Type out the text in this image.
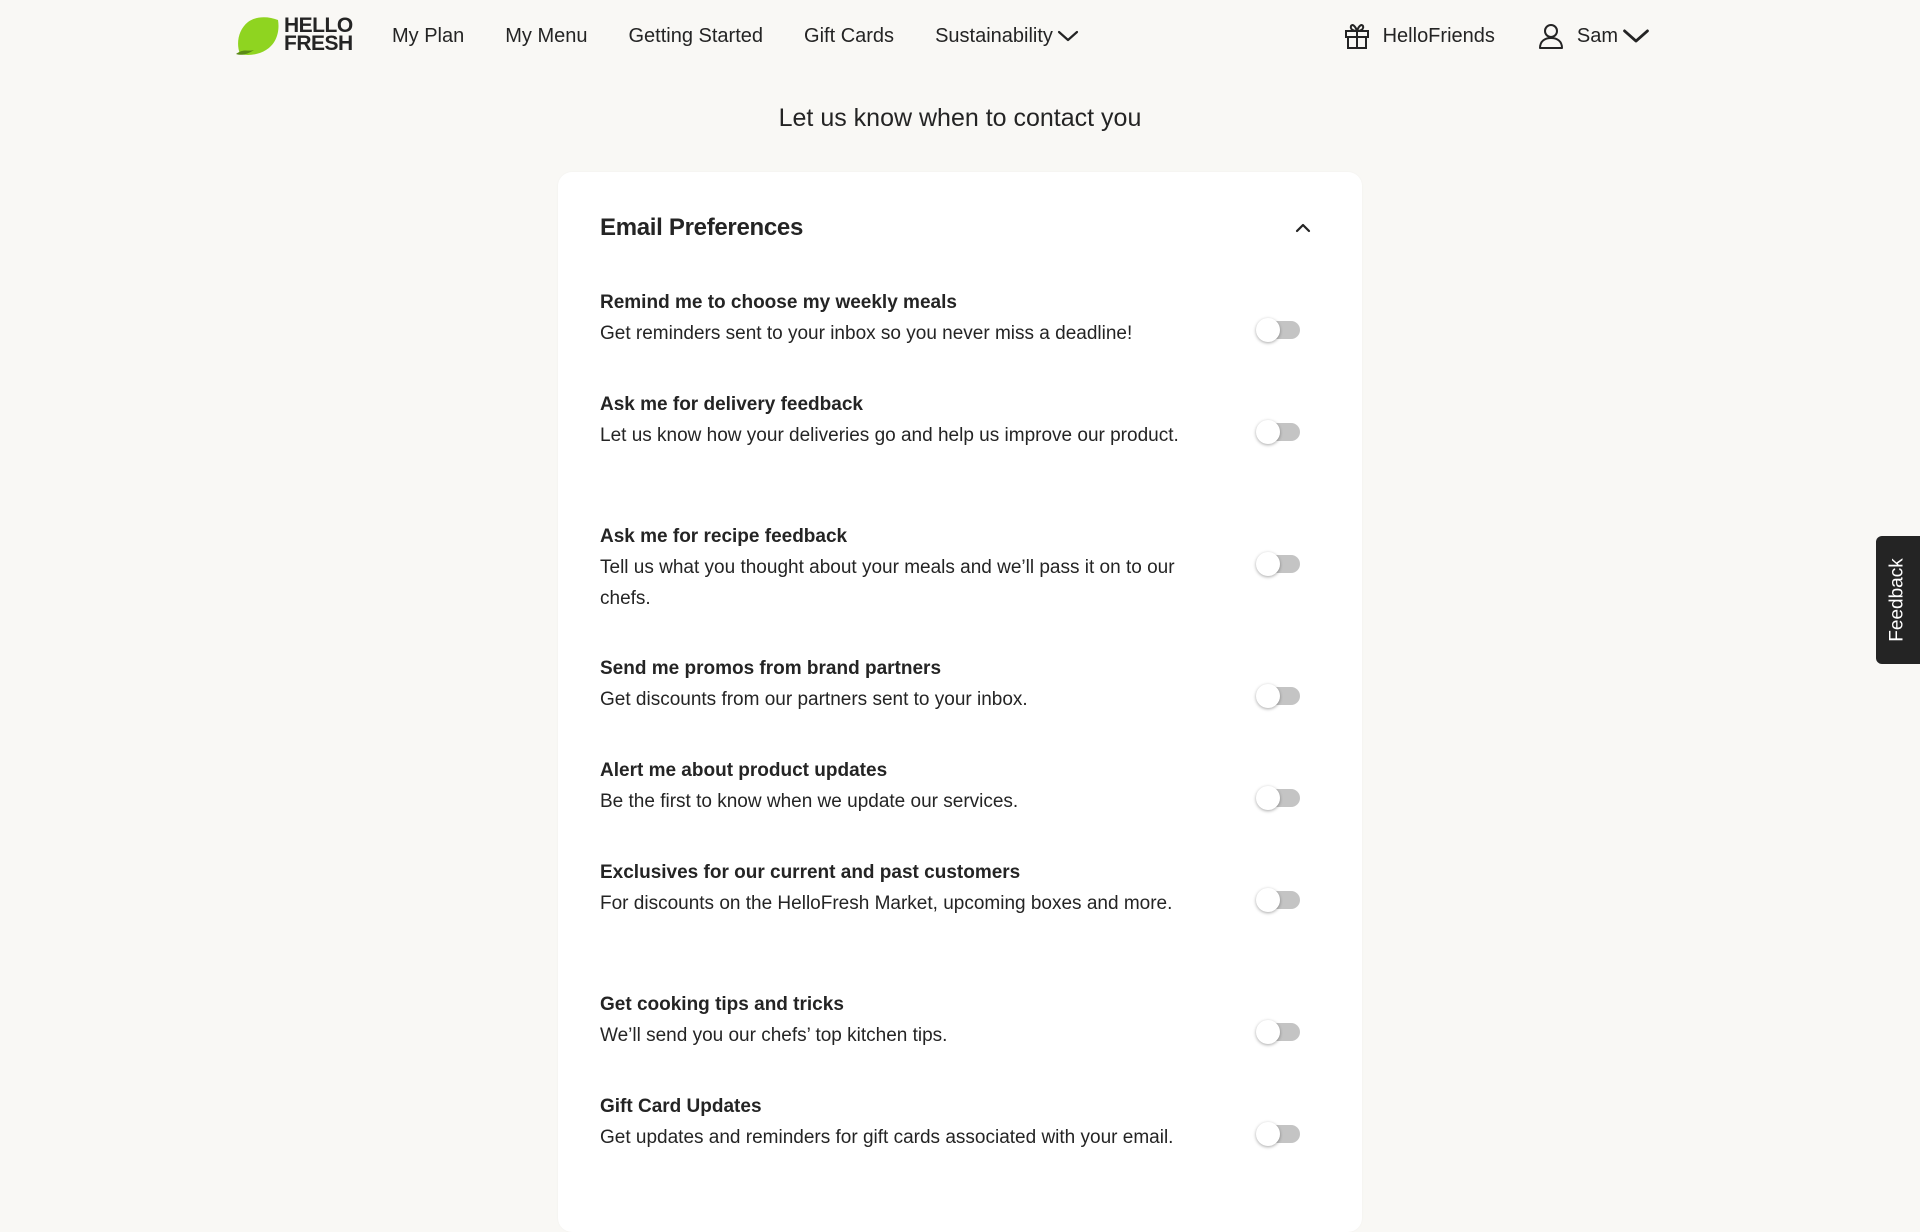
HELLO
FRESH My Plan My Menu Getting Started Gift Cards Sustainability	HelloFriends	Sam
Let us know when to contact you
Email Preferences
Remind me to choose my weekly meals
Get reminders sent to your inbox so you never miss a deadline!
Ask me for delivery feedback
Let us know how your deliveries go and help us improve our product.
Ask me for recipe feedback
Tell us what you thought about your meals and we’ll pass it on to our chefs.
Send me promos from brand partners
Get discounts from our partners sent to your inbox.
Alert me about product updates
Be the first to know when we update our services.
Exclusives for our current and past customers
For discounts on the HelloFresh Market, upcoming boxes and more.
Get cooking tips and tricks
We’ll send you our chefs’ top kitchen tips.
Gift Card Updates
Get updates and reminders for gift cards associated with your email.
Feedback
